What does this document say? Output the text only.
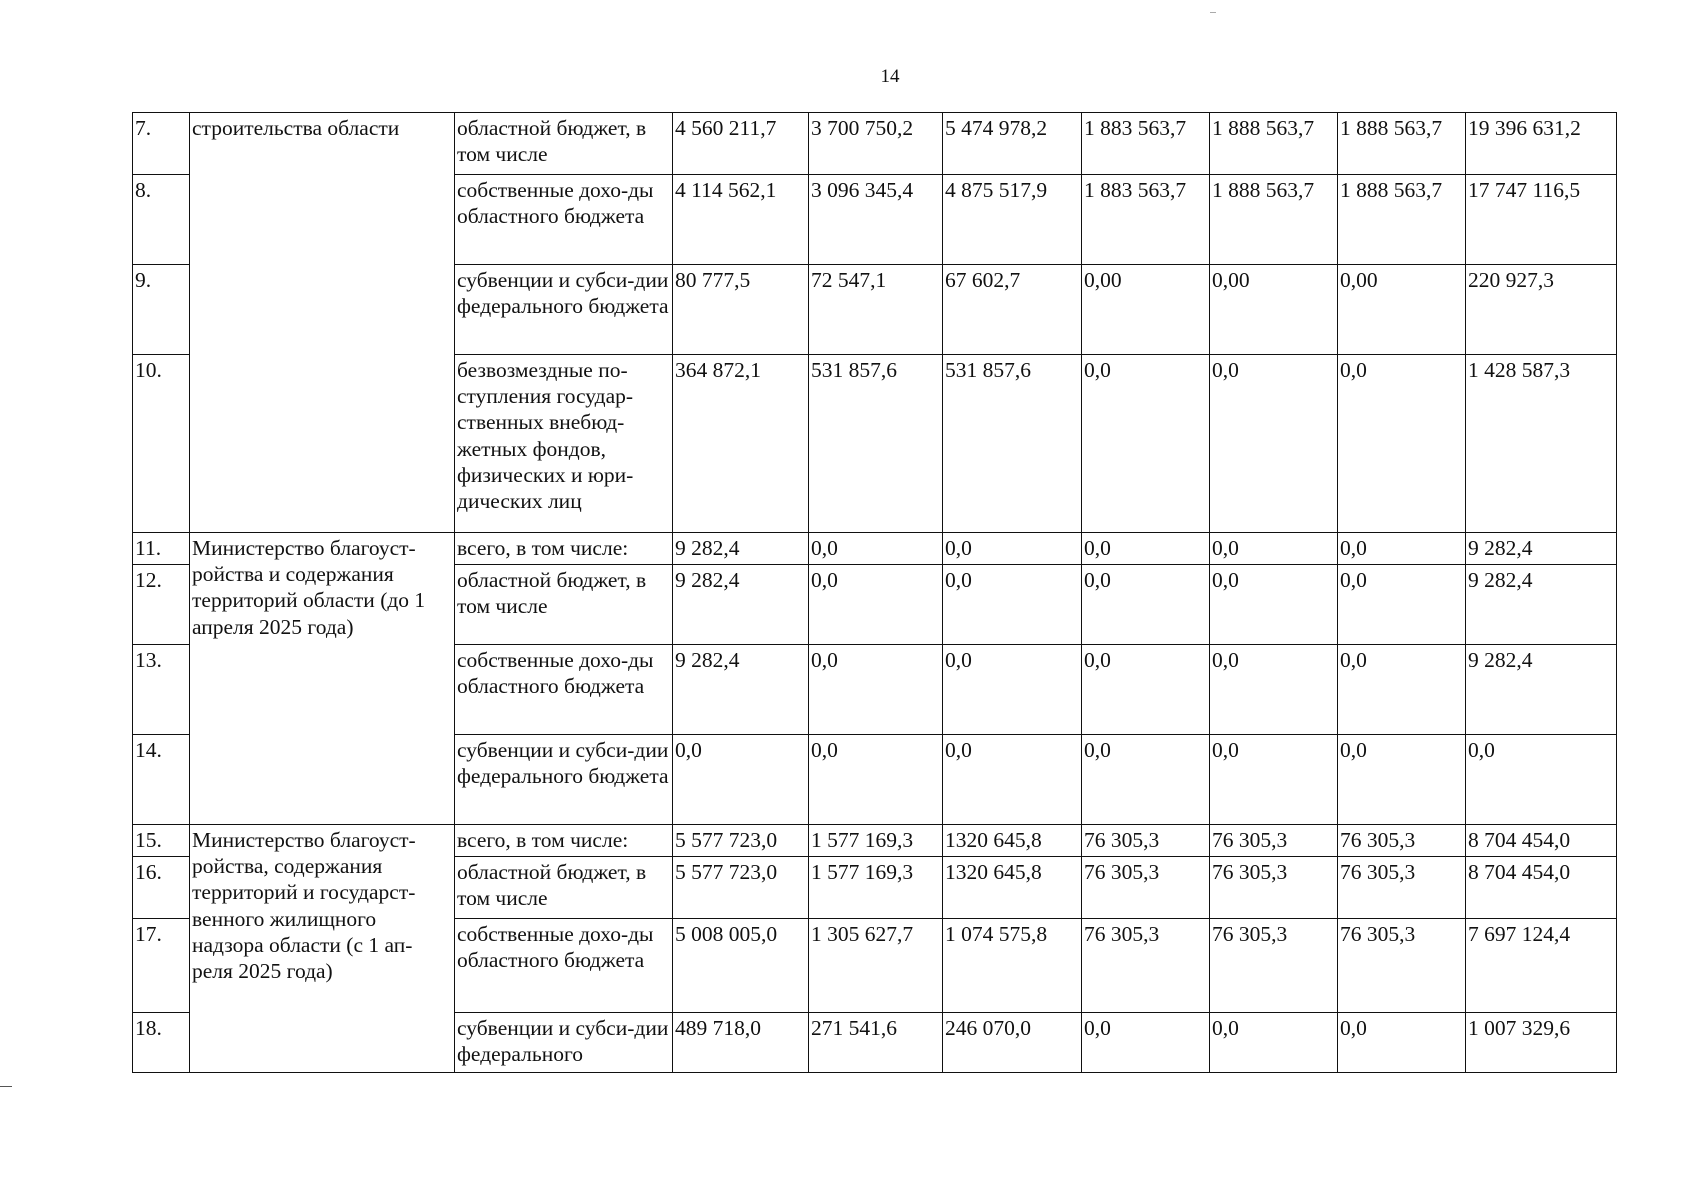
14
7.	строительства области	областной бюджет, в том числе	4 560 211,7	3 700 750,2	5 474 978,2	1 883 563,7	1 888 563,7	1 888 563,7	19 396 631,2
8.		собственные дохо-ды областного бюджета	4 114 562,1	3 096 345,4	4 875 517,9	1 883 563,7	1 888 563,7	1 888 563,7	17 747 116,5
9.		субвенции и субси-дии федерального бюджета	80 777,5	72 547,1	67 602,7	0,00	0,00	0,00	220 927,3
10.		безвозмездные по-ступления государ-ственных внебюд-жетных фондов, физических и юри-дических лиц	364 872,1	531 857,6	531 857,6	0,0	0,0	0,0	1 428 587,3
11.	Министерство благоуст-ройства и содержания территорий области (до 1 апреля 2025 года)	всего, в том числе:	9 282,4	0,0	0,0	0,0	0,0	0,0	9 282,4
12.		областной бюджет, в том числе	9 282,4	0,0	0,0	0,0	0,0	0,0	9 282,4
13.		собственные дохо-ды областного бюджета	9 282,4	0,0	0,0	0,0	0,0	0,0	9 282,4
14.		субвенции и субси-дии федерального бюджета	0,0	0,0	0,0	0,0	0,0	0,0	0,0
15.	Министерство благоуст-ройства, содержания территорий и государст-венного жилищного надзора области (с 1 ап-реля 2025 года)	всего, в том числе:	5 577 723,0	1 577 169,3	1320 645,8	76 305,3	76 305,3	76 305,3	8 704 454,0
16.		областной бюджет, в том числе	5 577 723,0	1 577 169,3	1320 645,8	76 305,3	76 305,3	76 305,3	8 704 454,0
17.		собственные дохо-ды областного бюджета	5 008 005,0	1 305 627,7	1 074 575,8	76 305,3	76 305,3	76 305,3	7 697 124,4
18.		субвенции и субси-дии федерального	489 718,0	271 541,6	246 070,0	0,0	0,0	0,0	1 007 329,6
